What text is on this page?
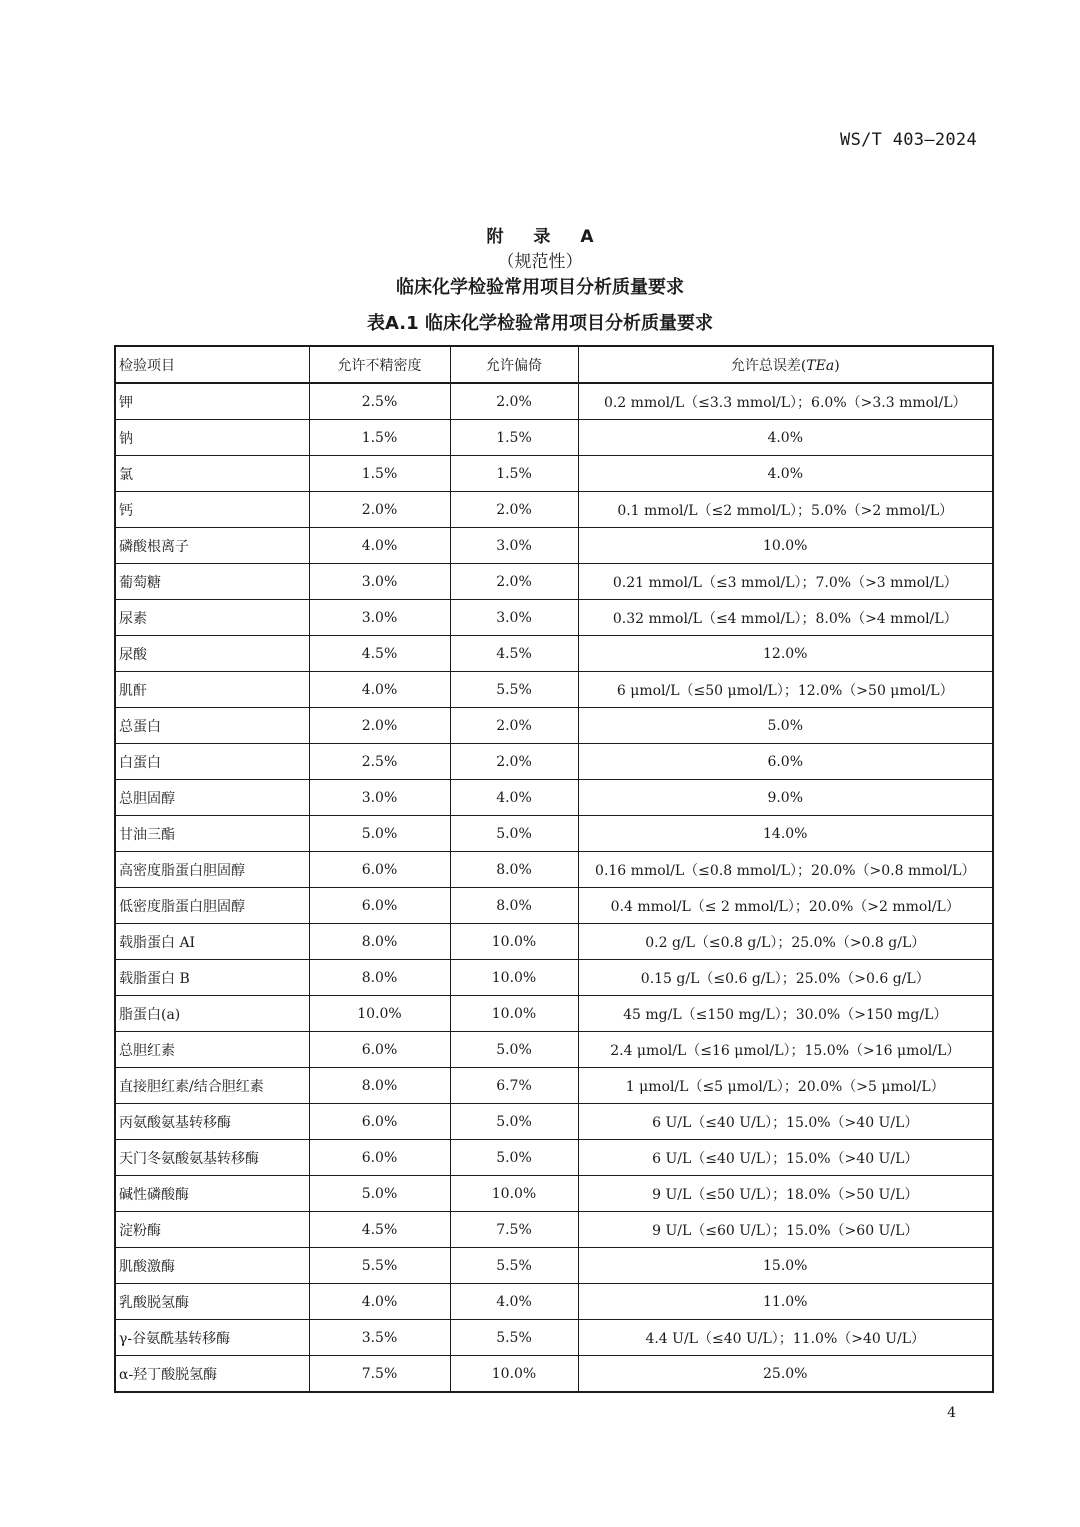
WS/T 403—2024
附 录 A
（规范性）
临床化学检验常用项目分析质量要求
表A.1 临床化学检验常用项目分析质量要求
检验项目	允许不精密度	允许偏倚	允许总误差(TEa)
钾	2.5%	2.0%	0.2 mmol/L（≤3.3 mmol/L）；6.0%（>3.3 mmol/L）
钠	1.5%	1.5%	4.0%
氯	1.5%	1.5%	4.0%
钙	2.0%	2.0%	0.1 mmol/L（≤2 mmol/L）；5.0%（>2 mmol/L）
磷酸根离子	4.0%	3.0%	10.0%
葡萄糖	3.0%	2.0%	0.21 mmol/L（≤3 mmol/L）；7.0%（>3 mmol/L）
尿素	3.0%	3.0%	0.32 mmol/L（≤4 mmol/L）；8.0%（>4 mmol/L）
尿酸	4.5%	4.5%	12.0%
肌酐	4.0%	5.5%	6 μmol/L（≤50 μmol/L）；12.0%（>50 μmol/L）
总蛋白	2.0%	2.0%	5.0%
白蛋白	2.5%	2.0%	6.0%
总胆固醇	3.0%	4.0%	9.0%
甘油三酯	5.0%	5.0%	14.0%
高密度脂蛋白胆固醇	6.0%	8.0%	0.16 mmol/L（≤0.8 mmol/L）；20.0%（>0.8 mmol/L）
低密度脂蛋白胆固醇	6.0%	8.0%	0.4 mmol/L（≤ 2 mmol/L）；20.0%（>2 mmol/L）
载脂蛋白 AⅠ	8.0%	10.0%	0.2 g/L（≤0.8 g/L）；25.0%（>0.8 g/L）
载脂蛋白 B	8.0%	10.0%	0.15 g/L（≤0.6 g/L）；25.0%（>0.6 g/L）
脂蛋白(a)	10.0%	10.0%	45 mg/L（≤150 mg/L）；30.0%（>150 mg/L）
总胆红素	6.0%	5.0%	2.4 μmol/L（≤16 μmol/L）；15.0%（>16 μmol/L）
直接胆红素/结合胆红素	8.0%	6.7%	1 μmol/L（≤5 μmol/L）；20.0%（>5 μmol/L）
丙氨酸氨基转移酶	6.0%	5.0%	6 U/L（≤40 U/L）；15.0%（>40 U/L）
天门冬氨酸氨基转移酶	6.0%	5.0%	6 U/L（≤40 U/L）；15.0%（>40 U/L）
碱性磷酸酶	5.0%	10.0%	9 U/L（≤50 U/L）；18.0%（>50 U/L）
淀粉酶	4.5%	7.5%	9 U/L（≤60 U/L）；15.0%（>60 U/L）
肌酸激酶	5.5%	5.5%	15.0%
乳酸脱氢酶	4.0%	4.0%	11.0%
γ-谷氨酰基转移酶	3.5%	5.5%	4.4 U/L（≤40 U/L）；11.0%（>40 U/L）
α-羟丁酸脱氢酶	7.5%	10.0%	25.0%
4
